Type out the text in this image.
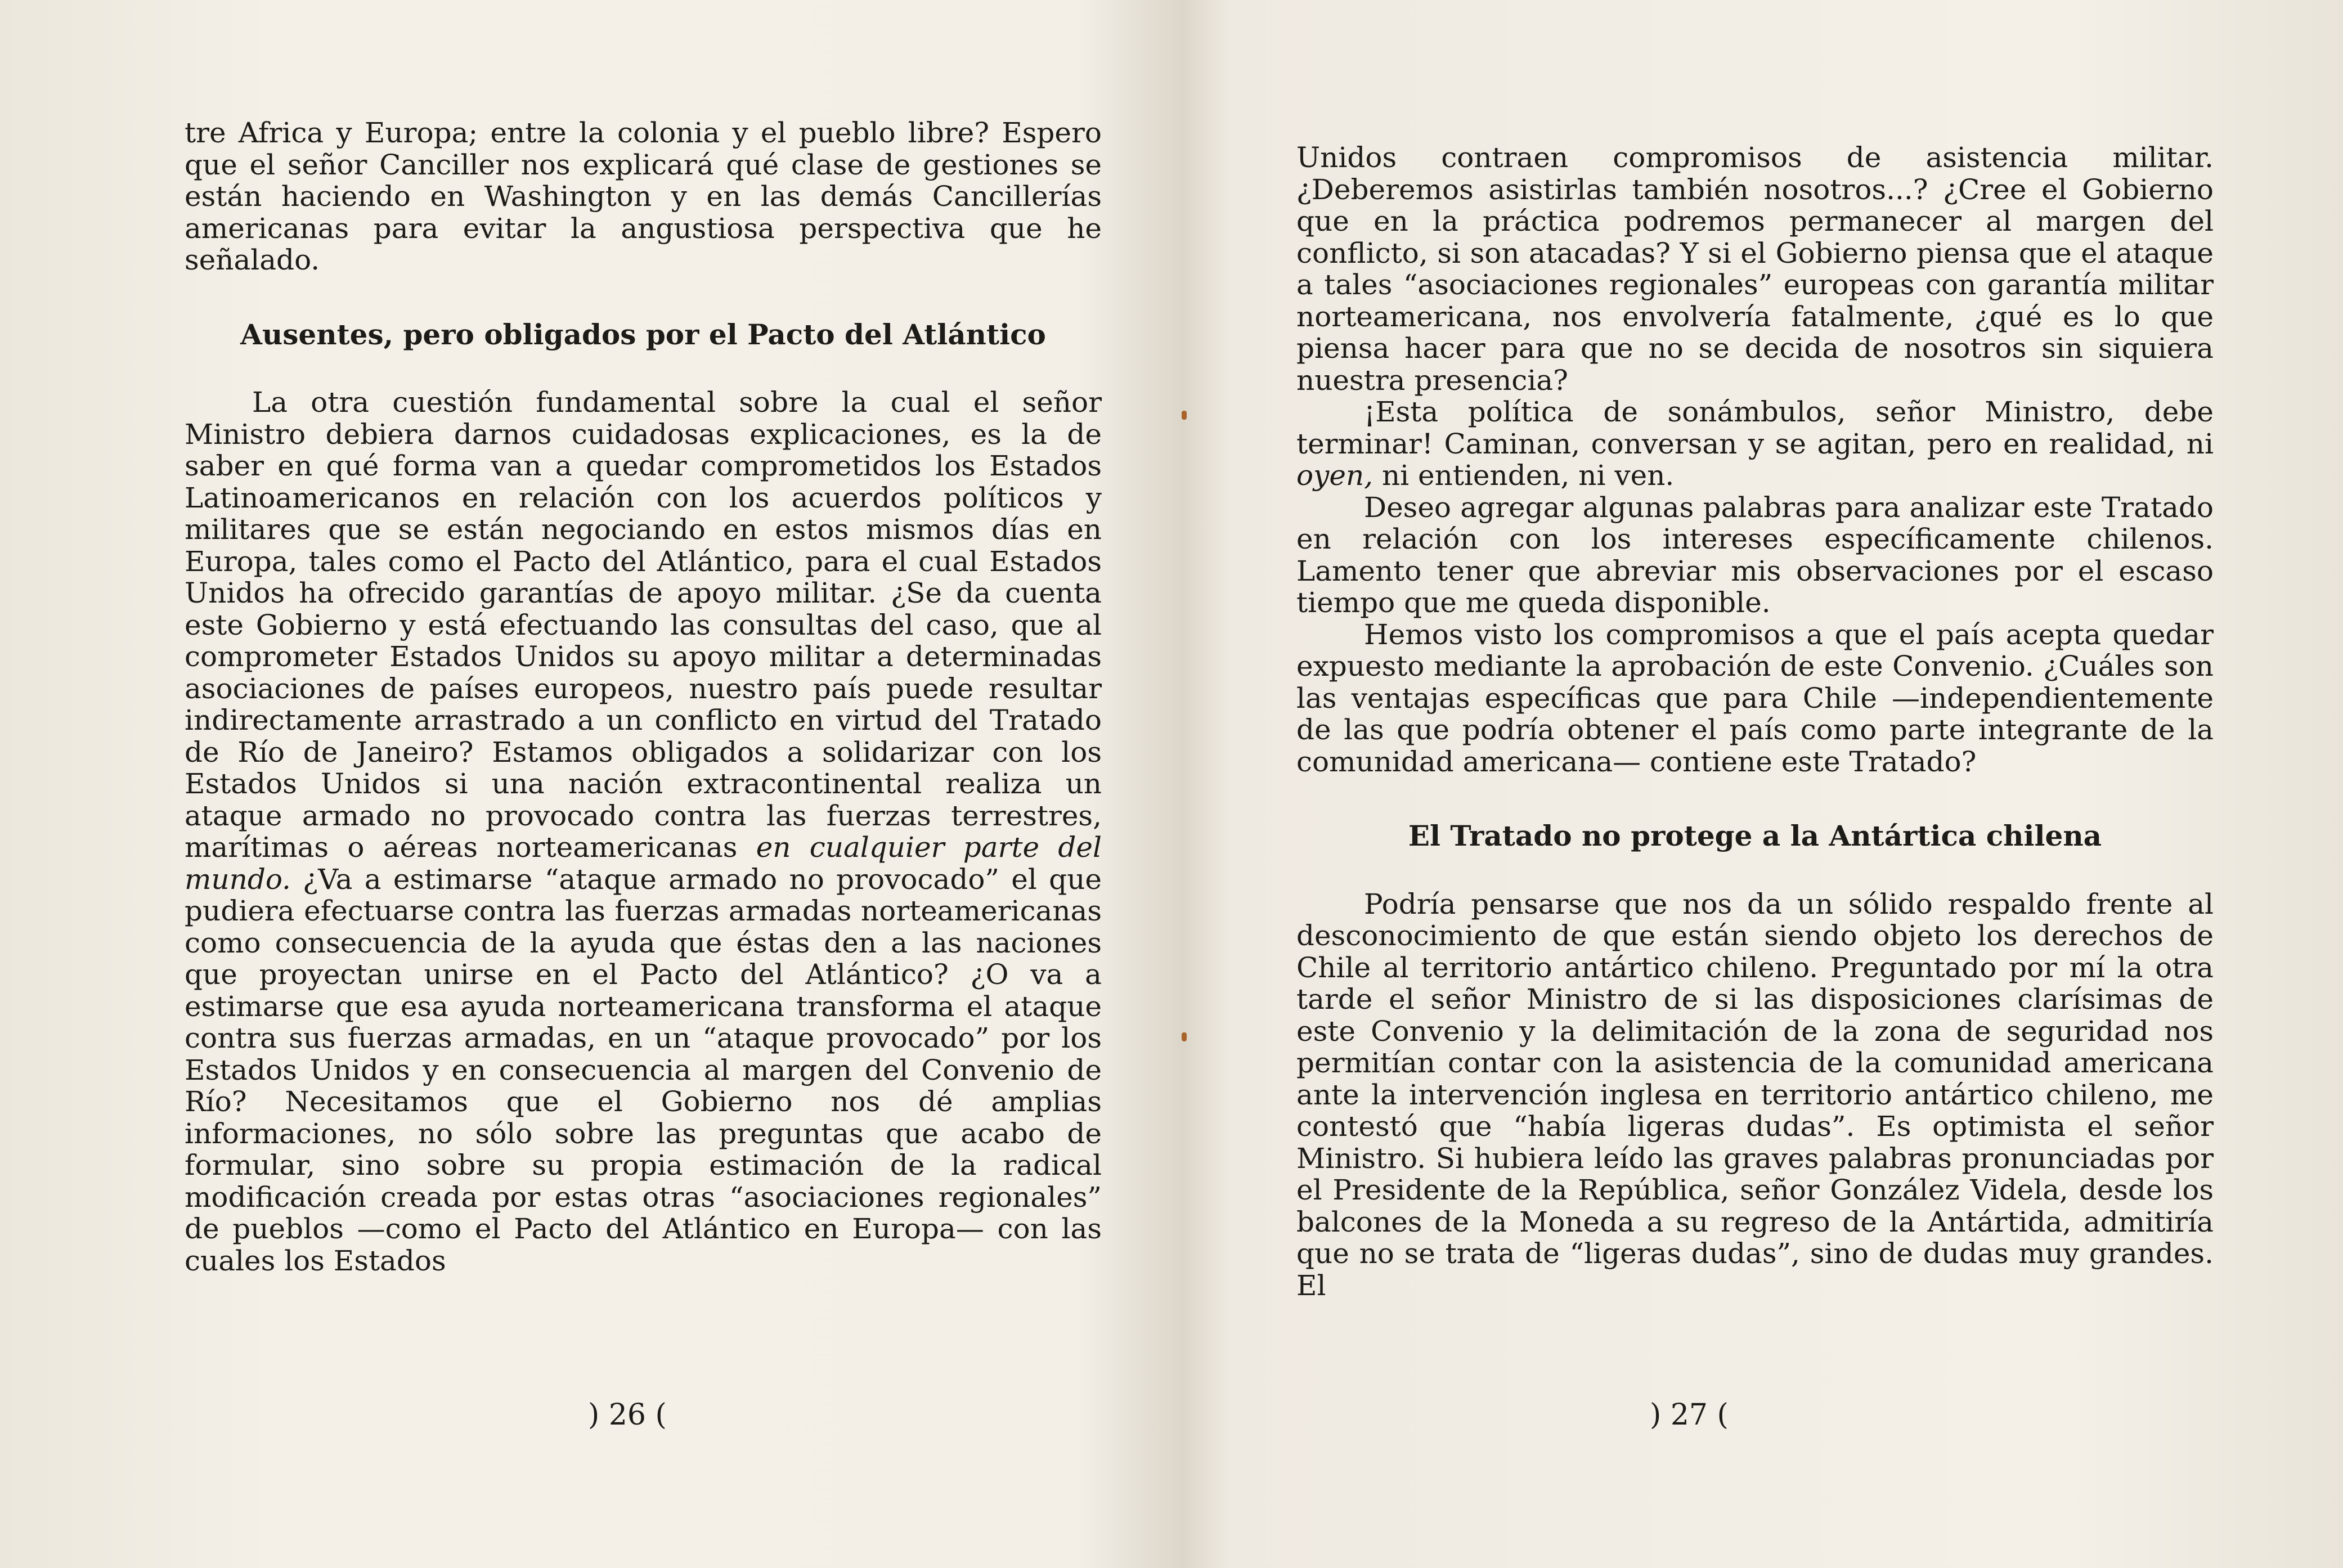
tre Africa y Europa; entre la colonia y el pueblo libre? Espero que el señor Canciller nos explicará qué clase de gestiones se están haciendo en Washington y en las demás Cancillerías americanas para evitar la angustiosa perspectiva que he señalado.

Ausentes, pero obligados por el Pacto del Atlántico

La otra cuestión fundamental sobre la cual el señor Ministro debiera darnos cuidadosas explicaciones, es la de saber en qué forma van a quedar comprometidos los Estados Latinoamericanos en relación con los acuerdos políticos y militares que se están negociando en estos mismos días en Europa, tales como el Pacto del Atlántico, para el cual Estados Unidos ha ofrecido garantías de apoyo militar. ¿Se da cuenta este Gobierno y está efectuando las consultas del caso, que al comprometer Estados Unidos su apoyo militar a determinadas asociaciones de países europeos, nuestro país puede resultar indirectamente arrastrado a un conflicto en virtud del Tratado de Río de Janeiro? Estamos obligados a solidarizar con los Estados Unidos si una nación extracontinental realiza un ataque armado no provocado contra las fuerzas terrestres, marítimas o aéreas norteamericanas en cualquier parte del mundo. ¿Va a estimarse “ataque armado no provocado” el que pudiera efectuarse contra las fuerzas armadas norteamericanas como consecuencia de la ayuda que éstas den a las naciones que proyectan unirse en el Pacto del Atlántico? ¿O va a estimarse que esa ayuda norteamericana transforma el ataque contra sus fuerzas armadas, en un “ataque provocado” por los Estados Unidos y en consecuencia al margen del Convenio de Río? Necesitamos que el Gobierno nos dé amplias informaciones, no sólo sobre las preguntas que acabo de formular, sino sobre su propia estimación de la radical modificación creada por estas otras “asociaciones regionales” de pueblos —como el Pacto del Atlántico en Europa— con las cuales los Estados

) 26 (

Unidos contraen compromisos de asistencia militar. ¿Deberemos asistirlas también nosotros...? ¿Cree el Gobierno que en la práctica podremos permanecer al margen del conflicto, si son atacadas? Y si el Gobierno piensa que el ataque a tales “asociaciones regionales” europeas con garantía militar norteamericana, nos envolvería fatalmente, ¿qué es lo que piensa hacer para que no se decida de nosotros sin siquiera nuestra presencia?

¡Esta política de sonámbulos, señor Ministro, debe terminar! Caminan, conversan y se agitan, pero en realidad, ni oyen, ni entienden, ni ven.

Deseo agregar algunas palabras para analizar este Tratado en relación con los intereses específicamente chilenos. Lamento tener que abreviar mis observaciones por el escaso tiempo que me queda disponible.

Hemos visto los compromisos a que el país acepta quedar expuesto mediante la aprobación de este Convenio. ¿Cuáles son las ventajas específicas que para Chile —independientemente de las que podría obtener el país como parte integrante de la comunidad americana— contiene este Tratado?

El Tratado no protege a la Antártica chilena

Podría pensarse que nos da un sólido respaldo frente al desconocimiento de que están siendo objeto los derechos de Chile al territorio antártico chileno. Preguntado por mí la otra tarde el señor Ministro de si las disposiciones clarísimas de este Convenio y la delimitación de la zona de seguridad nos permitían contar con la asistencia de la comunidad americana ante la intervención inglesa en territorio antártico chileno, me contestó que “había ligeras dudas”. Es optimista el señor Ministro. Si hubiera leído las graves palabras pronunciadas por el Presidente de la República, señor González Videla, desde los balcones de la Moneda a su regreso de la Antártida, admitiría que no se trata de “ligeras dudas”, sino de dudas muy grandes. El

) 27 (
